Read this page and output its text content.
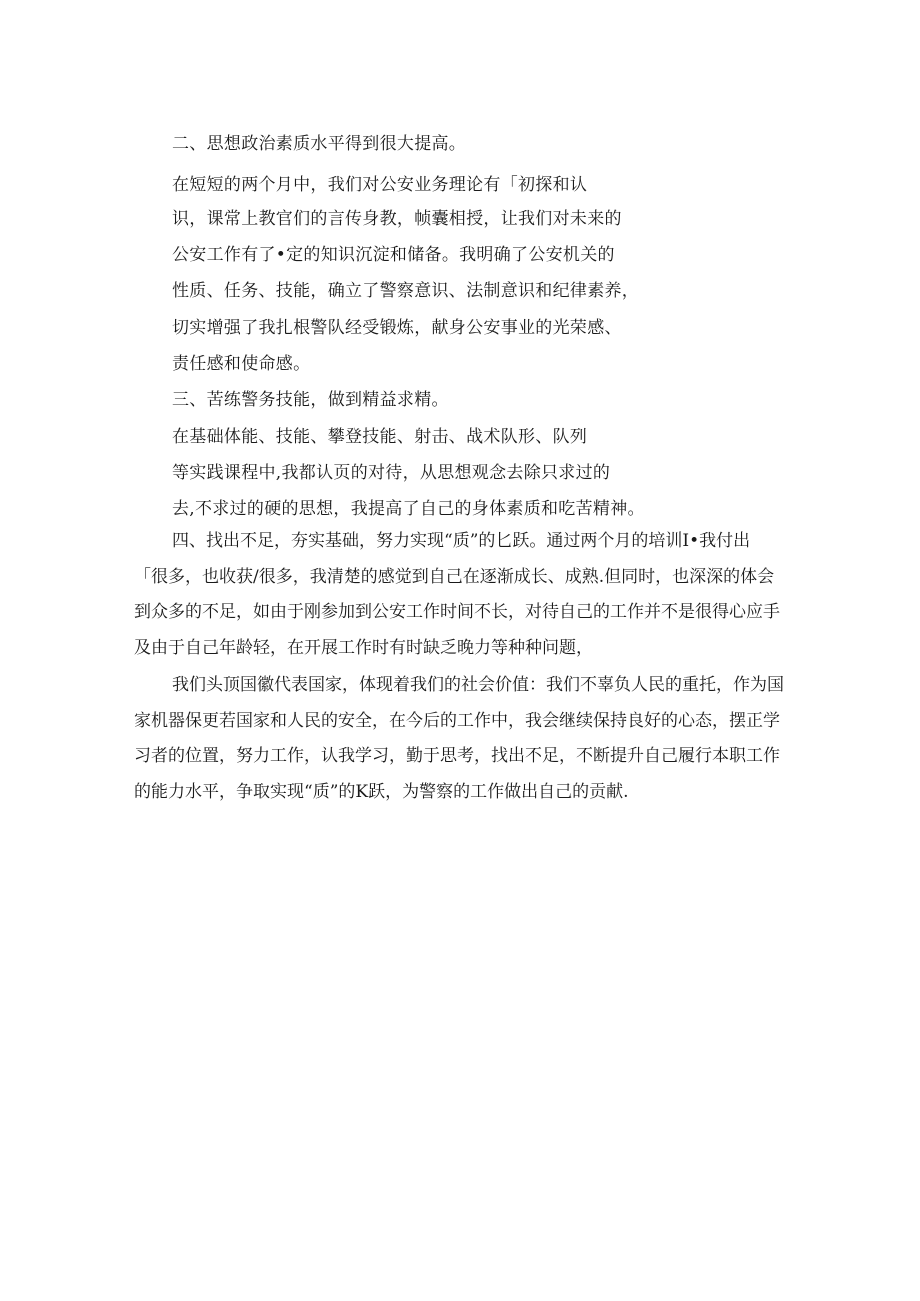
二、思想政治素质水平得到很大提高。

在短短的两个月中，我们对公安业务理论有「初探和认

识，课常上教官们的言传身教，帧囊相授，让我们对未来的

公安工作有了•定的知识沉淀和储备。我明确了公安机关的

性质、任务、技能，确立了警察意识、法制意识和纪律素养，

切实增强了我扎根警队经受锻炼，献身公安事业的光荣感、

责任感和使命感。

三、苦练警务技能，做到精益求精。

在基础体能、技能、攀登技能、射击、战术队形、队列

等实践课程中,我都认页的对待，从思想观念去除只求过的

去,不求过的硬的思想，我提高了自己的身体素质和吃苦精神。

四、找出不足，夯实基础，努力实现“质”的匕跃。通过两个月的培训I•我付出「很多，也收获/很多，我清楚的感觉到自己在逐渐成长、成熟.但同时，也深深的体会到众多的不足，如由于刚参加到公安工作时间不长，对待自己的工作并不是很得心应手及由于自己年龄轻，在开展工作时有时缺乏晚力等种种问题，

我们头顶国徽代表国家，体现着我们的社会价值：我们不辜负人民的重托，作为国家机器保更若国家和人民的安全，在今后的工作中，我会继续保持良好的心态，摆正学习者的位置，努力工作，认我学习，勤于思考，找出不足，不断提升自己履行本职工作的能力水平，争取实现“质”的K跃，为警察的工作做出自己的贡献.
